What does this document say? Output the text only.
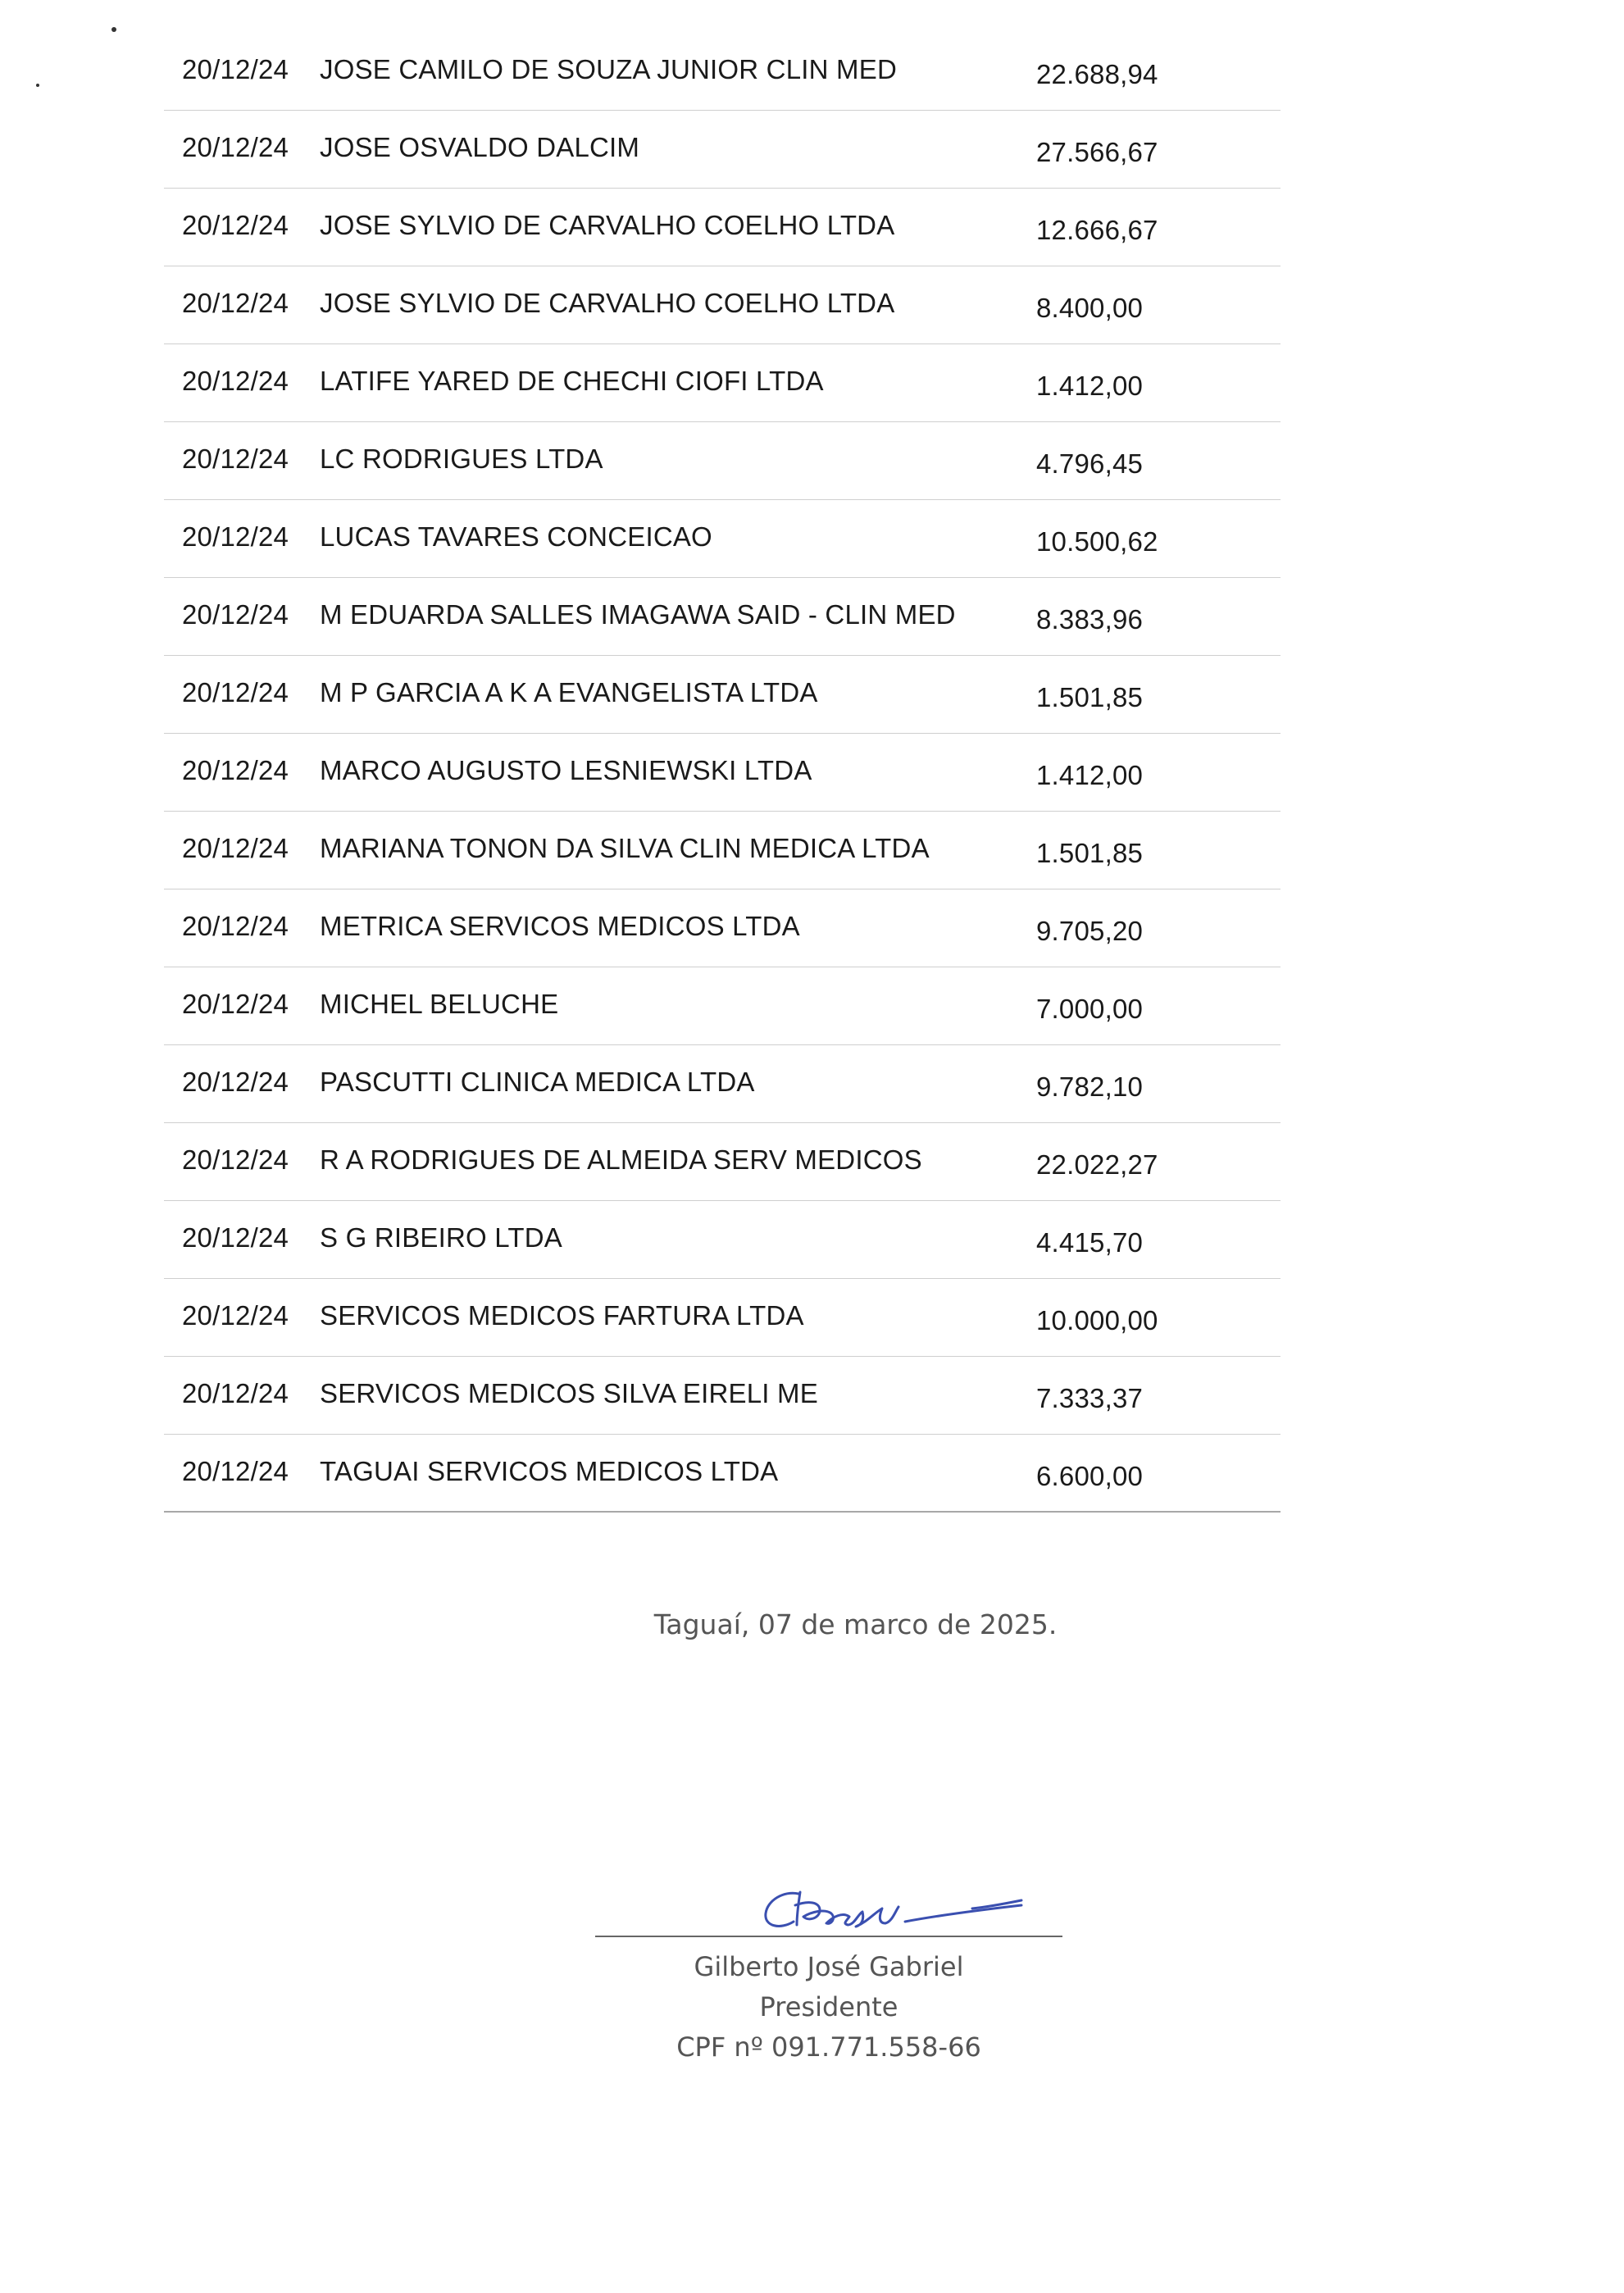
20/12/24 JOSE CAMILO DE SOUZA JUNIOR CLIN MED	22.688,94
20/12/24 JOSE OSVALDO DALCIM	27.566,67
20/12/24 JOSE SYLVIO DE CARVALHO COELHO LTDA	12.666,67
20/12/24 JOSE SYLVIO DE CARVALHO COELHO LTDA	8.400,00
20/12/24 LATIFE YARED DE CHECHI CIOFI LTDA	1.412,00
20/12/24 LC RODRIGUES LTDA	4.796,45
20/12/24 LUCAS TAVARES CONCEICAO	10.500,62
20/12/24 M EDUARDA SALLES IMAGAWA SAID - CLIN MED	8.383,96
20/12/24 M P GARCIA A K A EVANGELISTA LTDA	1.501,85
20/12/24 MARCO AUGUSTO LESNIEWSKI LTDA	1.412,00
20/12/24 MARIANA TONON DA SILVA CLIN MEDICA LTDA	1.501,85
20/12/24 METRICA SERVICOS MEDICOS LTDA	9.705,20
20/12/24 MICHEL BELUCHE	7.000,00
20/12/24 PASCUTTI CLINICA MEDICA LTDA	9.782,10
20/12/24 R A RODRIGUES DE ALMEIDA SERV MEDICOS	22.022,27
20/12/24 S G RIBEIRO LTDA	4.415,70
20/12/24 SERVICOS MEDICOS FARTURA LTDA	10.000,00
20/12/24 SERVICOS MEDICOS SILVA EIRELI ME	7.333,37
20/12/24 TAGUAI SERVICOS MEDICOS LTDA	6.600,00
Taguaí, 07 de marco de 2025.
Gilberto José Gabriel
Presidente
CPF nº 091.771.558-66
